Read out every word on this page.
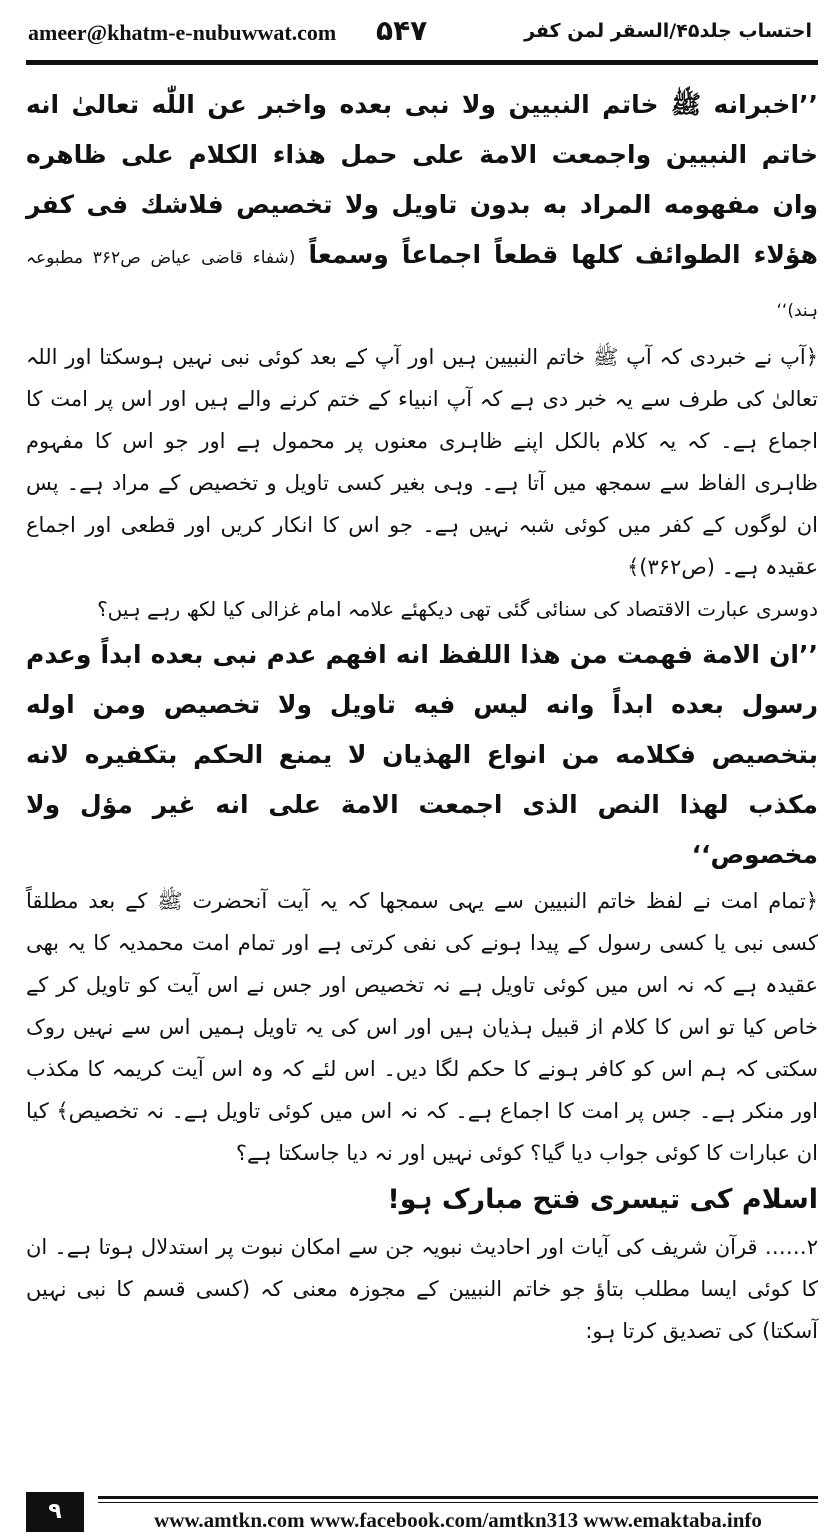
ameer@khatm-e-nubuwwat.com ۵۴۷	احتساب جلد۴۵/السقر لمن کفر

’’اخبرانه ﷺ خاتم النبیین ولا نبی بعده واخبر عن اللّٰه تعالیٰ انه خاتم النبیین واجمعت الامة علی حمل هذاء الکلام علی ظاهره وان مفهومه المراد به بدون تاویل ولا تخصیص فلاشك فی کفر هؤلاء الطوائف کلها قطعاً اجماعاً وسمعاً (شفاء قاضی عیاض ص۳۶۲ مطبوعہ ہند)‘‘

﴿آپ نے خبردی کہ آپ ﷺ خاتم النبیین ہیں اور آپ کے بعد کوئی نبی نہیں ہوسکتا اور اللہ تعالیٰ کی طرف سے یہ خبر دی ہے کہ آپ انبیاء کے ختم کرنے والے ہیں اور اس پر امت کا اجماع ہے۔ کہ یہ کلام بالکل اپنے ظاہری معنوں پر محمول ہے اور جو اس کا مفہوم ظاہری الفاظ سے سمجھ میں آتا ہے۔ وہی بغیر کسی تاویل و تخصیص کے مراد ہے۔ پس ان لوگوں کے کفر میں کوئی شبہ نہیں ہے۔ جو اس کا انکار کریں اور قطعی اور اجماع عقیدہ ہے۔ (ص۳۶۲)﴾

دوسری عبارت الاقتصاد کی سنائی گئی تھی دیکھئے علامہ امام غزالی کیا لکھ رہے ہیں؟

’’ان الامة فهمت من هذا اللفظ انه افهم عدم نبی بعده ابداً وعدم رسول بعده ابداً وانه لیس فیه تاویل ولا تخصیص ومن اوله بتخصیص فکلامه من انواع الهذیان لا یمنع الحکم بتکفیره لانه مکذب لهذا النص الذی اجمعت الامة علی انه غیر مؤل ولا مخصوص‘‘

﴿تمام امت نے لفظ خاتم النبیین سے یہی سمجھا کہ یہ آیت آنحضرت ﷺ کے بعد مطلقاً کسی نبی یا کسی رسول کے پیدا ہونے کی نفی کرتی ہے اور تمام امت محمدیہ کا یہ بھی عقیدہ ہے کہ نہ اس میں کوئی تاویل ہے نہ تخصیص اور جس نے اس آیت کو تاویل کر کے خاص کیا تو اس کا کلام از قبیل ہذیان ہیں اور اس کی یہ تاویل ہمیں اس سے نہیں روک سکتی کہ ہم اس کو کافر ہونے کا حکم لگا دیں۔ اس لئے کہ وہ اس آیت کریمہ کا مکذب اور منکر ہے۔ جس پر امت کا اجماع ہے۔ کہ نہ اس میں کوئی تاویل ہے۔ نہ تخصیص﴾ کیا ان عبارات کا کوئی جواب دیا گیا؟ کوئی نہیں اور نہ دیا جاسکتا ہے؟

اسلام کی تیسری فتح مبارک ہو!

۲…… قرآن شریف کی آیات اور احادیث نبویہ جن سے امکان نبوت پر استدلال ہوتا ہے۔ ان کا کوئی ایسا مطلب بتاؤ جو خاتم النبیین کے مجوزہ معنی کہ (کسی قسم کا نبی نہیں آسکتا) کی تصدیق کرتا ہو:

۹	www.amtkn.com www.facebook.com/amtkn313 www.emaktaba.info
